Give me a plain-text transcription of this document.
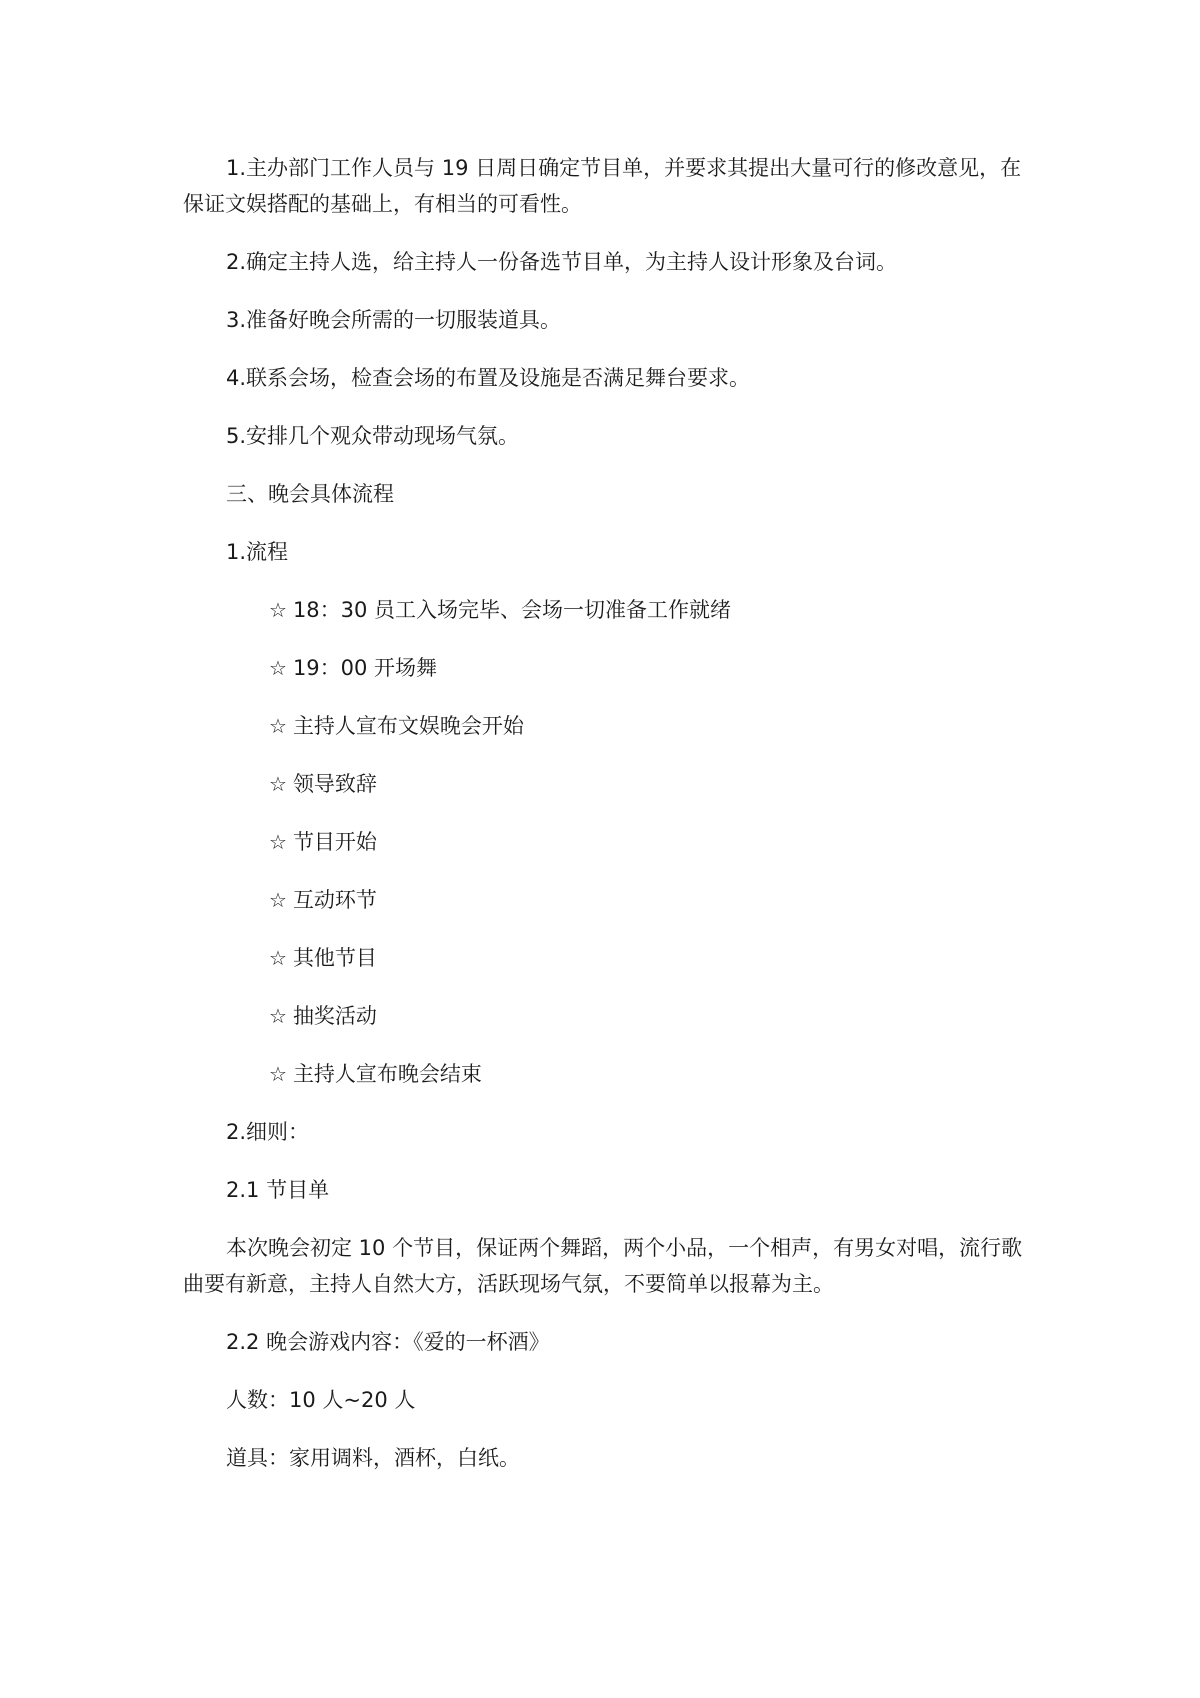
1.主办部门工作人员与 19 日周日确定节目单，并要求其提出大量可行的修改意见，在保证文娱搭配的基础上，有相当的可看性。

2.确定主持人选，给主持人一份备选节目单，为主持人设计形象及台词。

3.准备好晚会所需的一切服装道具。

4.联系会场，检查会场的布置及设施是否满足舞台要求。

5.安排几个观众带动现场气氛。

三、晚会具体流程

1.流程

☆ 18：30 员工入场完毕、会场一切准备工作就绪

☆ 19：00 开场舞

☆ 主持人宣布文娱晚会开始

☆ 领导致辞

☆ 节目开始

☆ 互动环节

☆ 其他节目

☆ 抽奖活动

☆ 主持人宣布晚会结束

2.细则：

2.1 节目单

本次晚会初定 10 个节目，保证两个舞蹈，两个小品，一个相声，有男女对唱，流行歌曲要有新意，主持人自然大方，活跃现场气氛，不要简单以报幕为主。

2.2 晚会游戏内容：《爱的一杯酒》

人数：10 人~20 人

道具：家用调料，酒杯，白纸。
